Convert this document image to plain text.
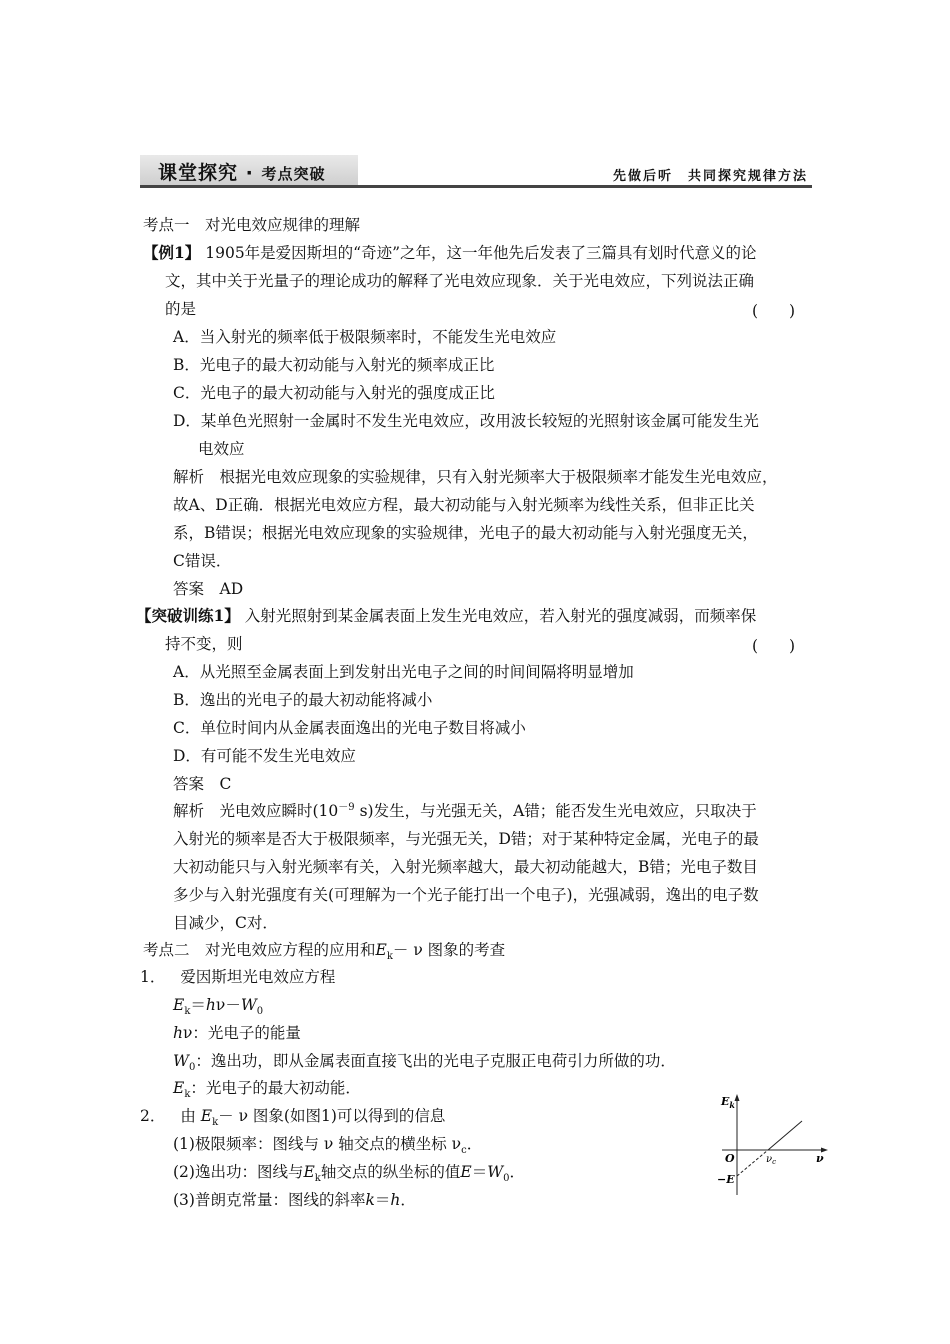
课堂探究 · 考点突破	先做后听　共同探究规律方法
考点一　对光电效应规律的理解
【例1】 1905年是爱因斯坦的“奇迹”之年，这一年他先后发表了三篇具有划时代意义的论
文，其中关于光量子的理论成功的解释了光电效应现象．关于光电效应，下列说法正确
的是	(　　)
A．当入射光的频率低于极限频率时，不能发生光电效应
B．光电子的最大初动能与入射光的频率成正比
C．光电子的最大初动能与入射光的强度成正比
D．某单色光照射一金属时不发生光电效应，改用波长较短的光照射该金属可能发生光
电效应
解析　根据光电效应现象的实验规律，只有入射光频率大于极限频率才能发生光电效应，
故A、D正确．根据光电效应方程，最大初动能与入射光频率为线性关系，但非正比关
系，B错误；根据光电效应现象的实验规律，光电子的最大初动能与入射光强度无关，
C错误．
答案　AD
【突破训练1】 入射光照射到某金属表面上发生光电效应，若入射光的强度减弱，而频率保
持不变，则	(　　)
A．从光照至金属表面上到发射出光电子之间的时间间隔将明显增加
B．逸出的光电子的最大初动能将减小
C．单位时间内从金属表面逸出的光电子数目将减小
D．有可能不发生光电效应
答案　C
解析　光电效应瞬时($10^{-9}$ s)发生，与光强无关，A错；能否发生光电效应，只取决于
入射光的频率是否大于极限频率，与光强无关，D错；对于某种特定金属，光电子的最
大初动能只与入射光频率有关，入射光频率越大，最大初动能越大，B错；光电子数目
多少与入射光强度有关(可理解为一个光子能打出一个电子)，光强减弱，逸出的电子数
目减少，C对．
考点二　对光电效应方程的应用和$E_k- \nu$ 图象的考查
1． 爱因斯坦光电效应方程
$E_k=h\nu-W_0$
hν：光电子的能量
$W_0$：逸出功，即从金属表面直接飞出的光电子克服正电荷引力所做的功．
$E_k$：光电子的最大初动能．
2． 由 $E_k- \nu$ 图象(如图1)可以得到的信息
(1)极限频率：图线与 ν 轴交点的横坐标 $\nu_c$．
(2)逸出功：图线与$E_k$轴交点的纵坐标的值$E=W_0$．
(3)普朗克常量：图线的斜率k＝h．
$E_k$
ν
O	$\nu_c$
−E
